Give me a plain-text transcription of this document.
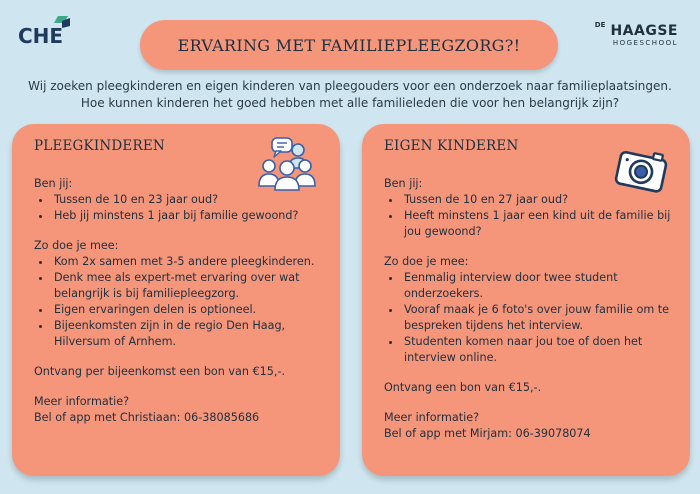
CHE	$^{DE}$ HAAGSE
HOGESCHOOL
ERVARING MET FAMILIEPLEEGZORG?!
Wij zoeken pleegkinderen en eigen kinderen van pleegouders voor een onderzoek naar familieplaatsingen.
Hoe kunnen kinderen het goed hebben met alle familieleden die voor hen belangrijk zijn?
PLEEGKINDEREN

Ben jij:

• Tussen de 10 en 23 jaar oud?
• Heb jij minstens 1 jaar bij familie gewoond?

Zo doe je mee:

• Kom 2x samen met 3-5 andere pleegkinderen.
• Denk mee als expert-met ervaring over wat belangrijk is bij familiepleegzorg.
• Eigen ervaringen delen is optioneel.
• Bijeenkomsten zijn in de regio Den Haag, Hilversum of Arnhem.

Ontvang per bijeenkomst een bon van €15,-.

Meer informatie?

Bel of app met Christiaan: 06-38085686

EIGEN KINDEREN

Ben jij:

• Tussen de 10 en 27 jaar oud?
• Heeft minstens 1 jaar een kind uit de familie bij jou gewoond?

Zo doe je mee:

• Eenmalig interview door twee student onderzoekers.
• Vooraf maak je 6 foto's over jouw familie om te bespreken tijdens het interview.
• Studenten komen naar jou toe of doen het interview online.

Ontvang een bon van €15,-.

Meer informatie?

Bel of app met Mirjam: 06-39078074
